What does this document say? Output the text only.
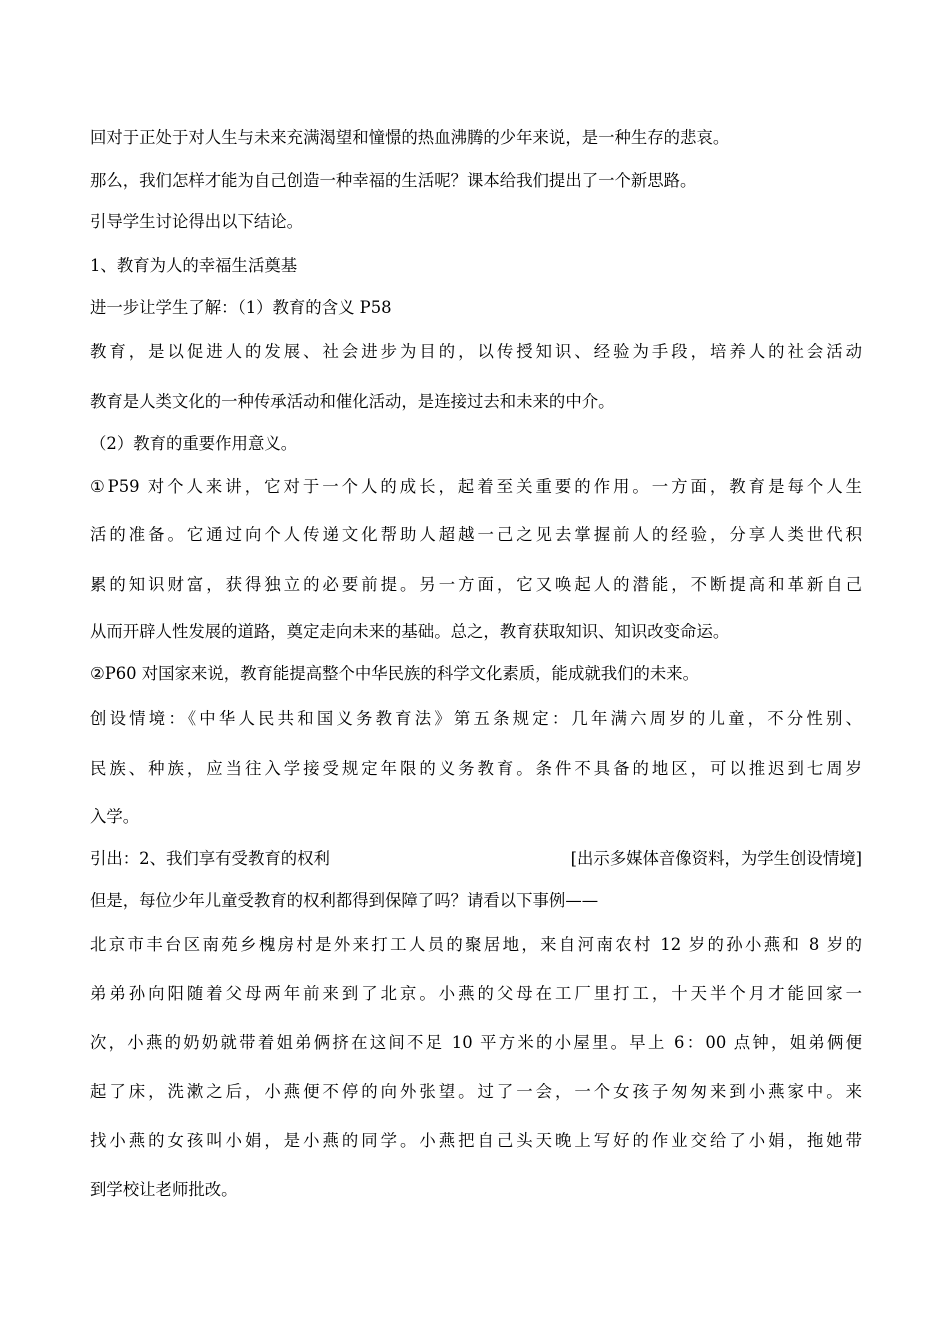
回对于正处于对人生与未来充满渴望和憧憬的热血沸腾的少年来说，是一种生存的悲哀。
那么，我们怎样才能为自己创造一种幸福的生活呢？课本给我们提出了一个新思路。
引导学生讨论得出以下结论。
1、教育为人的幸福生活奠基
进一步让学生了解：（1）教育的含义 P58
教育，是以促进人的发展、社会进步为目的，以传授知识、经验为手段，培养人的社会活动
教育是人类文化的一种传承活动和催化活动，是连接过去和未来的中介。
（2）教育的重要作用意义。
①P59 对个人来讲，它对于一个人的成长，起着至关重要的作用。一方面，教育是每个人生
活的准备。它通过向个人传递文化帮助人超越一己之见去掌握前人的经验，分享人类世代积
累的知识财富，获得独立的必要前提。另一方面，它又唤起人的潜能，不断提高和革新自己
从而开辟人性发展的道路，奠定走向未来的基础。总之，教育获取知识、知识改变命运。
②P60 对国家来说，教育能提高整个中华民族的科学文化素质，能成就我们的未来。
创设情境：《中华人民共和国义务教育法》第五条规定：几年满六周岁的儿童，不分性别、
民族、种族，应当往入学接受规定年限的义务教育。条件不具备的地区，可以推迟到七周岁
入学。
引出：2、我们享有受教育的权利	[出示多媒体音像资料，为学生创设情境]
但是，每位少年儿童受教育的权利都得到保障了吗？请看以下事例——
北京市丰台区南苑乡槐房村是外来打工人员的聚居地，来自河南农村 12 岁的孙小燕和 8 岁的
弟弟孙向阳随着父母两年前来到了北京。小燕的父母在工厂里打工，十天半个月才能回家一
次，小燕的奶奶就带着姐弟俩挤在这间不足 10 平方米的小屋里。早上 6：00 点钟，姐弟俩便
起了床，洗漱之后，小燕便不停的向外张望。过了一会，一个女孩子匆匆来到小燕家中。来
找小燕的女孩叫小娟，是小燕的同学。小燕把自己头天晚上写好的作业交给了小娟，拖她带
到学校让老师批改。
